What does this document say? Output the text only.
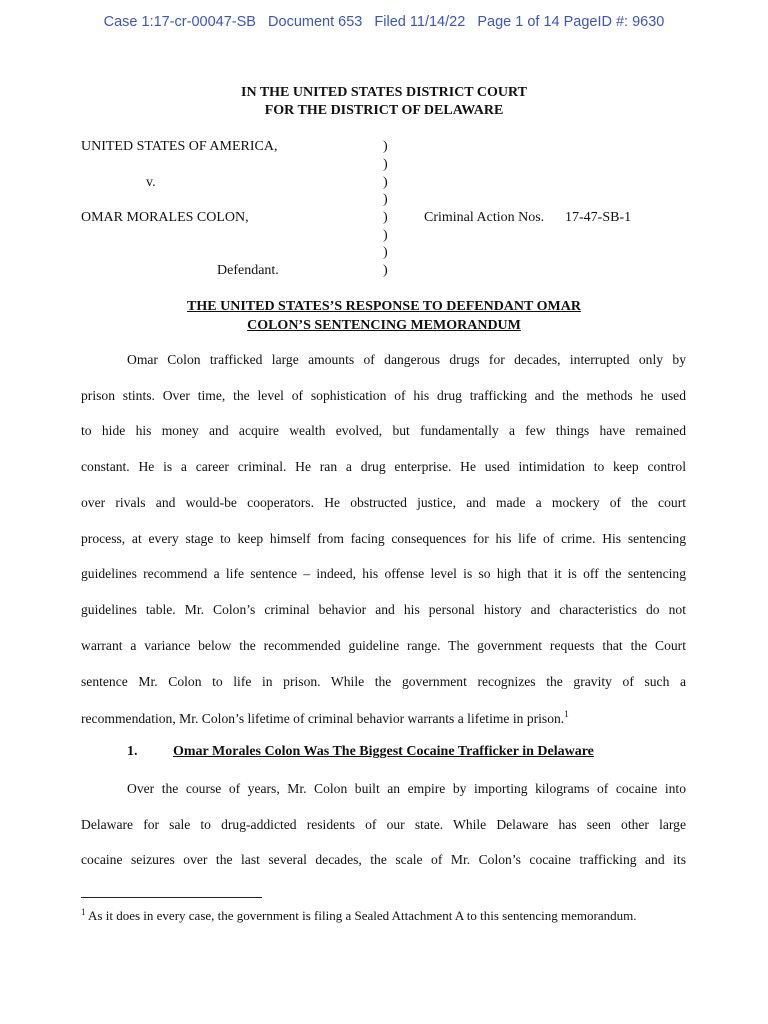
Case 1:17-cr-00047-SB   Document 653   Filed 11/14/22   Page 1 of 14 PageID #: 9630
IN THE UNITED STATES DISTRICT COURT
FOR THE DISTRICT OF DELAWARE
UNITED STATES OF AMERICA,
v.
OMAR MORALES COLON,
Defendant.
)
)
)
)
)
)
)
)
Criminal Action Nos. 17-47-SB-1
THE UNITED STATES’S RESPONSE TO DEFENDANT OMAR
COLON’S SENTENCING MEMORANDUM
Omar Colon trafficked large amounts of dangerous drugs for decades, interrupted only by
prison stints. Over time, the level of sophistication of his drug trafficking and the methods he used
to hide his money and acquire wealth evolved, but fundamentally a few things have remained
constant. He is a career criminal. He ran a drug enterprise. He used intimidation to keep control
over rivals and would-be cooperators. He obstructed justice, and made a mockery of the court
process, at every stage to keep himself from facing consequences for his life of crime. His sentencing
guidelines recommend a life sentence – indeed, his offense level is so high that it is off the sentencing
guidelines table. Mr. Colon’s criminal behavior and his personal history and characteristics do not
warrant a variance below the recommended guideline range. The government requests that the Court
sentence Mr. Colon to life in prison. While the government recognizes the gravity of such a
recommendation, Mr. Colon’s lifetime of criminal behavior warrants a lifetime in prison.$^1$
1.	Omar Morales Colon Was The Biggest Cocaine Trafficker in Delaware
Over the course of years, Mr. Colon built an empire by importing kilograms of cocaine into
Delaware for sale to drug-addicted residents of our state. While Delaware has seen other large
cocaine seizures over the last several decades, the scale of Mr. Colon’s cocaine trafficking and its
$^1$ As it does in every case, the government is filing a Sealed Attachment A to this sentencing memorandum.
